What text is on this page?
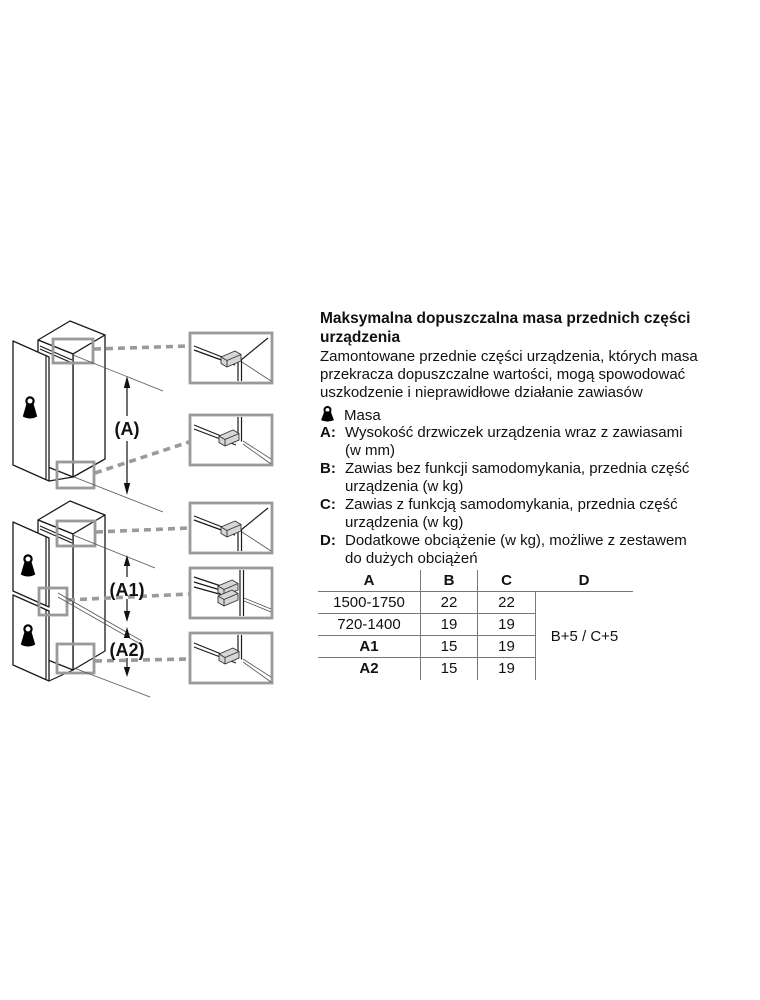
(A)
(A1)
(A2)
Maksymalna dopuszczalna masa przednich części
urządzenia
Zamontowane przednie części urządzenia, których masa
przekracza dopuszczalne wartości, mogą spowodować
uszkodzenie i nieprawidłowe działanie zawiasów
Masa
A: Wysokość drzwiczek urządzenia wraz z zawiasami
(w mm)
B: Zawias bez funkcji samodomykania, przednia część
urządzenia (w kg)
C: Zawias z funkcją samodomykania, przednia część
urządzenia (w kg)
D: Dodatkowe obciążenie (w kg), możliwe z zestawem
do dużych obciążeń
A	B	C	D
1500-1750	22	22
720-1400	19	19
A1	15	19
A2	15	19
B+5 / C+5
